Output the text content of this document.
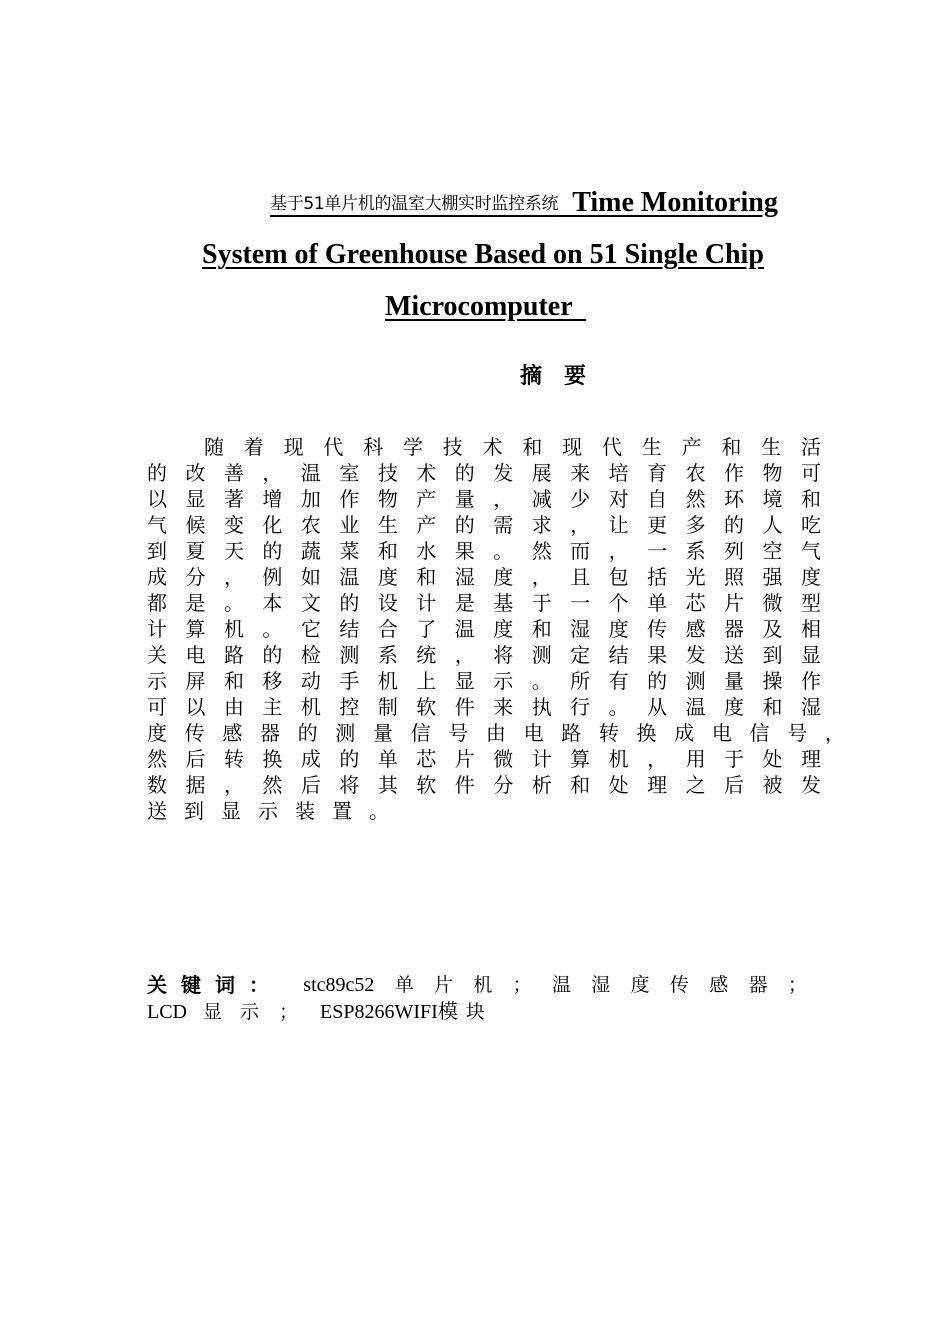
基于51单片机的温室大棚实时监控系统  Time Monitoring
System of Greenhouse Based on 51 Single Chip
Microcomputer
摘要
随 着 现 代 科 学 技 术 和 现 代 生 产 和 生 活
的 改 善 ， 温 室 技 术 的 发 展 来 培 育 农 作 物 可
以 显 著 增 加 作 物 产 量 ， 减 少 对 自 然 环 境 和
气 候 变 化 农 业 生 产 的 需 求 ， 让 更 多 的 人 吃
到 夏 天 的 蔬 菜 和 水 果 。 然 而 ， 一 系 列 空 气
成 分 ， 例 如 温 度 和 湿 度 ， 且 包 括 光 照 强 度
都 是 。 本 文 的 设 计 是 基 于 一 个 单 芯 片 微 型
计 算 机 。 它 结 合 了 温 度 和 湿 度 传 感 器 及 相
关 电 路 的 检 测 系 统 ， 将 测 定 结 果 发 送 到 显
示 屏 和 移 动 手 机 上 显 示 。 所 有 的 测 量 操 作
可 以 由 主 机 控 制 软 件 来 执 行 。 从 温 度 和 湿
度 传 感 器 的 测 量 信 号 由 电 路 转 换 成 电 信 号 ，
然 后 转 换 成 的 单 芯 片 微 计 算 机 ， 用 于 处 理
数 据 ， 然 后 将 其 软 件 分 析 和 处 理 之 后 被 发
送 到 显 示 装 置 。
关键词： stc89c52 单 片 机 ； 温 湿 度 传 感 器 ；
LCD 显 示 ； ESP8266WIFI模 块
